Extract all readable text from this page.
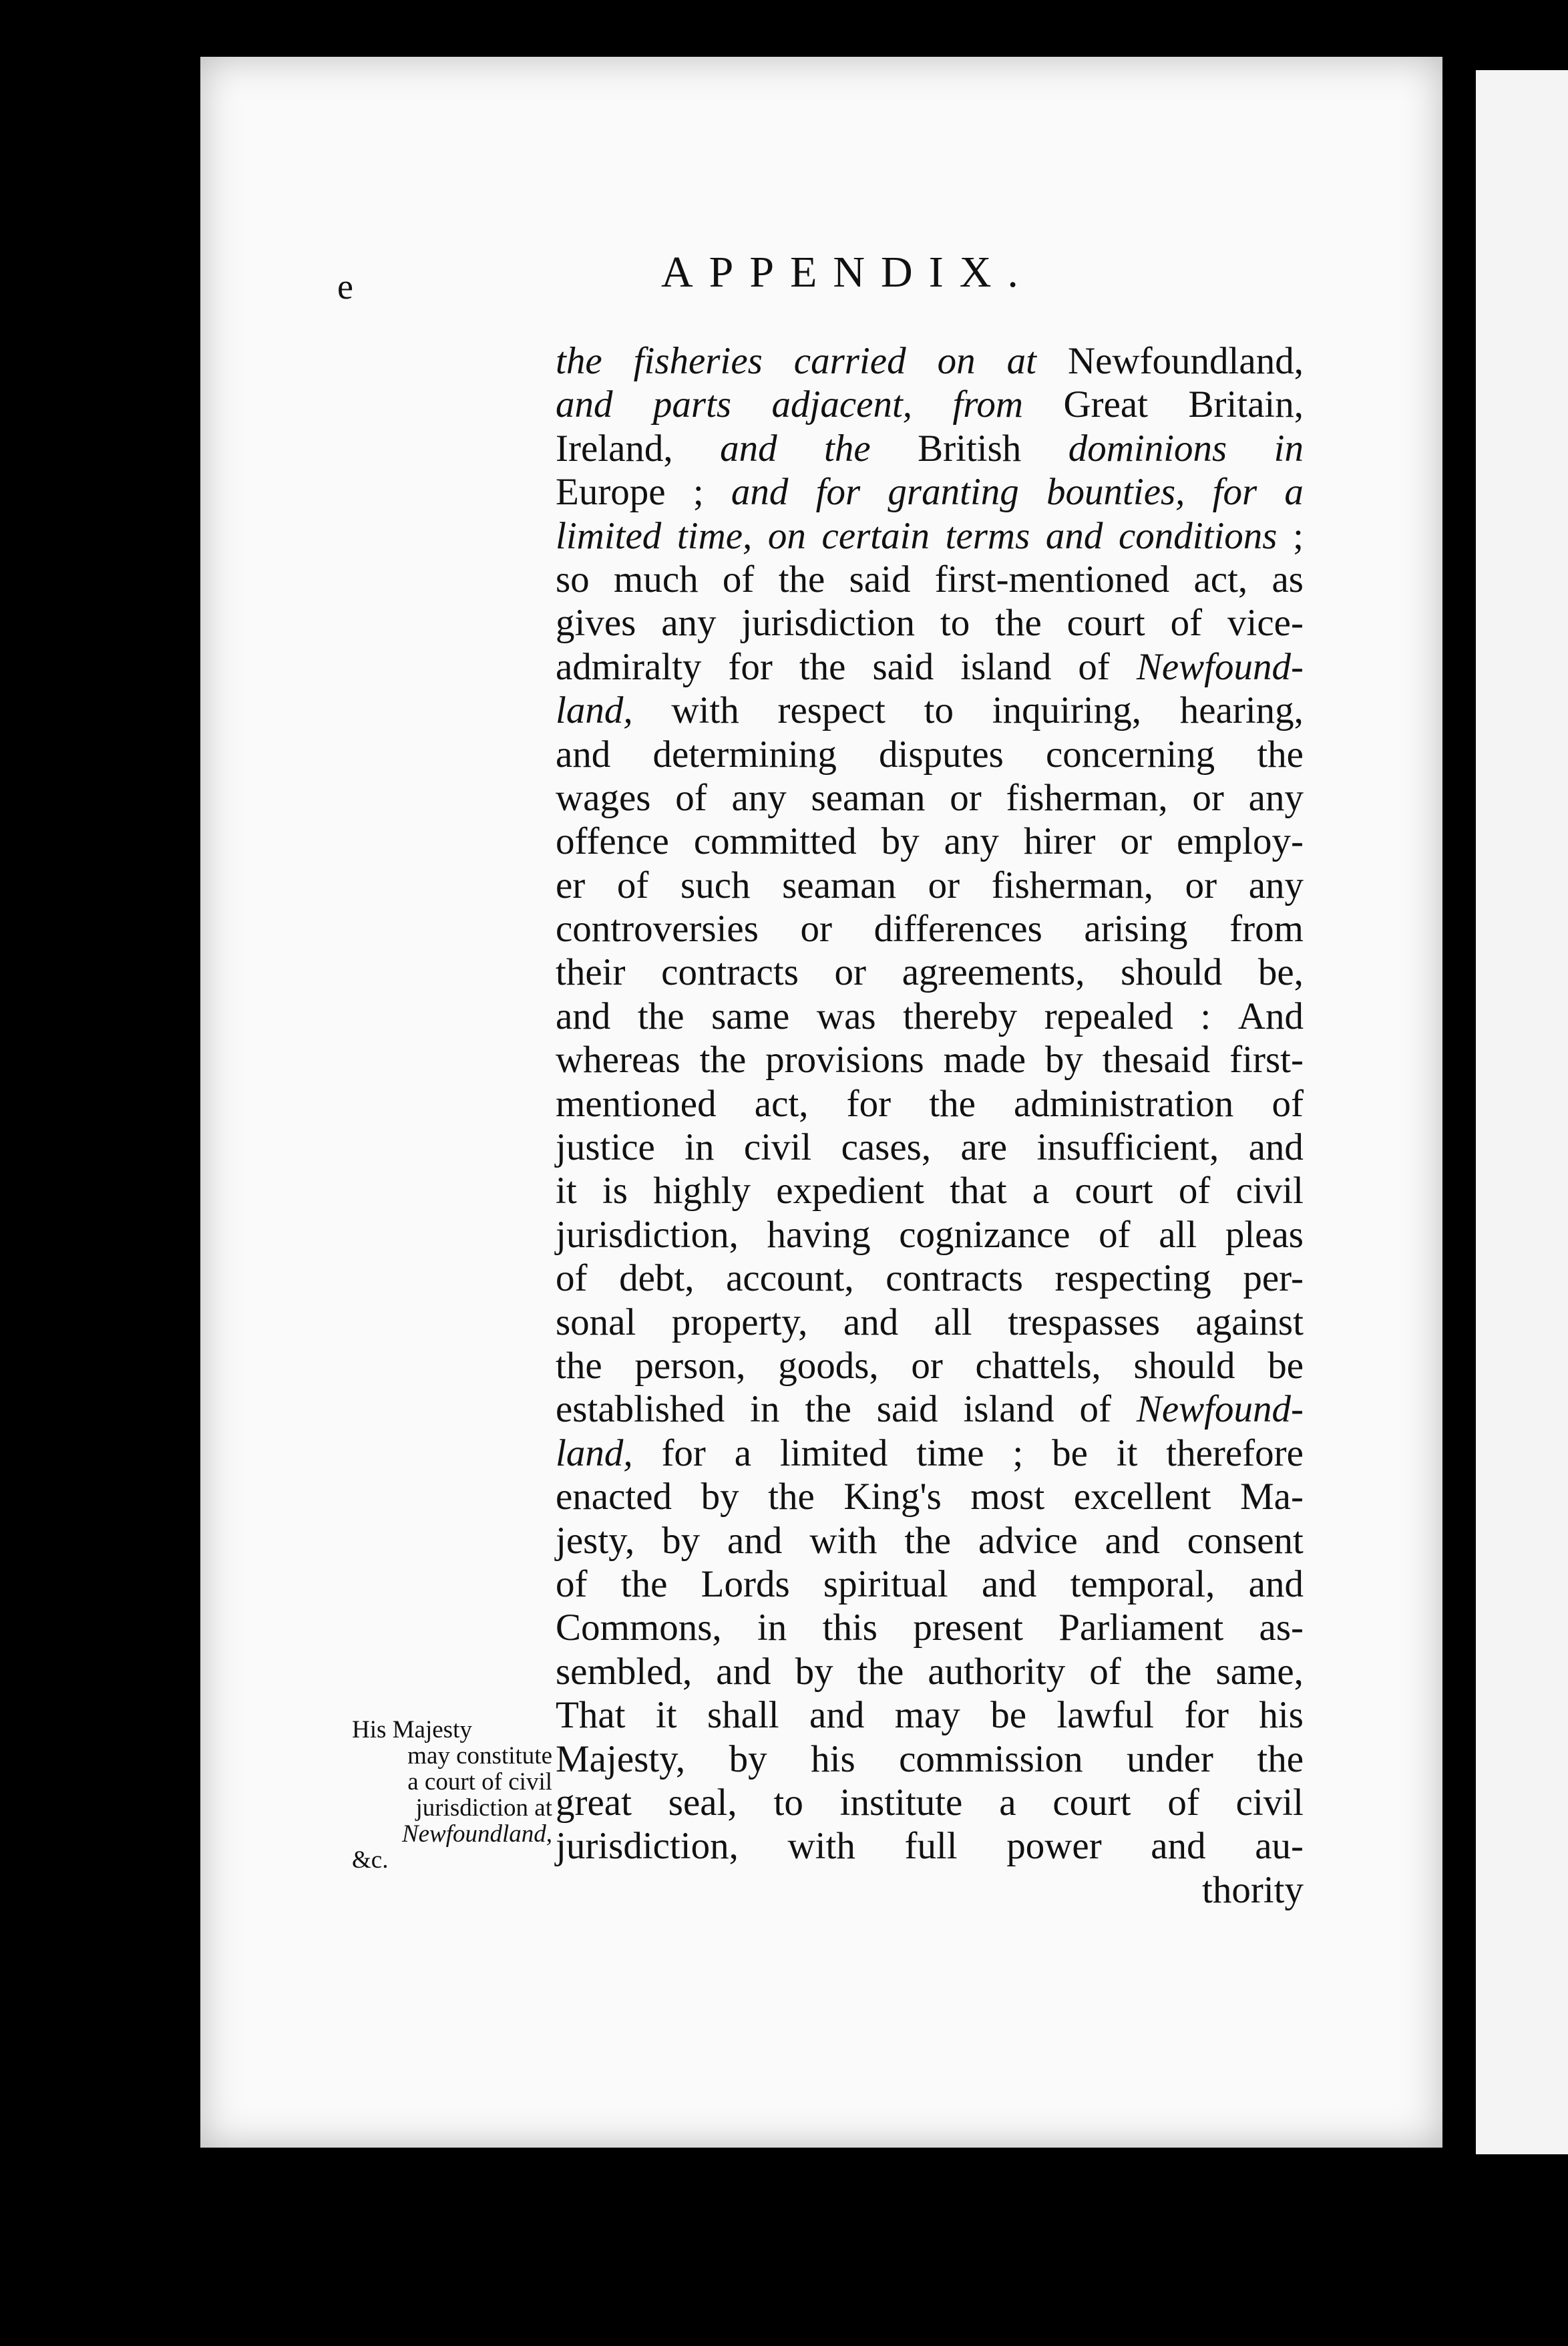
e	APPENDIX.
the fisheries carried on at Newfoundland,
and parts adjacent, from Great Britain,
Ireland, and the British dominions in
Europe ; and for granting bounties, for a
limited time, on certain terms and conditions ;
so much of the said first-mentioned act, as
gives any jurisdiction to the court of vice-
admiralty for the said island of Newfound-
land, with respect to inquiring, hearing,
and determining disputes concerning the
wages of any seaman or fisherman, or any
offence committed by any hirer or employ-
er of such seaman or fisherman, or any
controversies or differences arising from
their contracts or agreements, should be,
and the same was thereby repealed : And
whereas the provisions made by thesaid first-
mentioned act, for the administration of
justice in civil cases, are insufficient, and
it is highly expedient that a court of civil
jurisdiction, having cognizance of all pleas
of debt, account, contracts respecting per-
sonal property, and all trespasses against
the person, goods, or chattels, should be
established in the said island of Newfound-
land, for a limited time ; be it therefore
enacted by the King's most excellent Ma-
jesty, by and with the advice and consent
of the Lords spiritual and temporal, and
Commons, in this present Parliament as-
sembled, and by the authority of the same,
That it shall and may be lawful for his
Majesty, by his commission under the
great seal, to institute a court of civil
jurisdiction, with full power and au-
thority
His Majesty
may constitute
a court of civil
jurisdiction at
Newfoundland,
&c.
